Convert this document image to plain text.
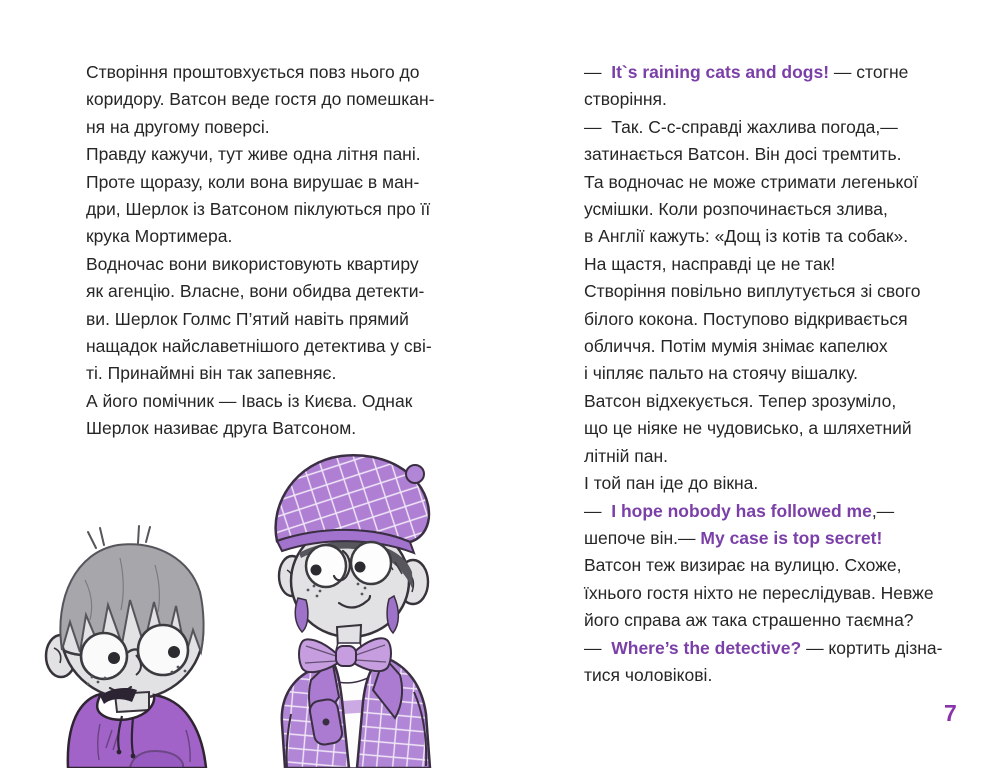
Створіння проштовхується повз нього до
коридору. Ватсон веде гостя до помешкан-
ня на другому поверсі.
Правду кажучи, тут живе одна літня пані.
Проте щоразу, коли вона вирушає в ман-
дри, Шерлок із Ватсоном піклуються про її
крука Мортимера.
Водночас вони використовують квартиру
як агенцію. Власне, вони обидва детекти-
ви. Шерлок Голмс П’ятий навіть прямий
нащадок найславетнішого детектива у сві-
ті. Принаймні він так запевняє.
А його помічник — Івась із Києва. Однак
Шерлок називає друга Ватсоном.
—  It`s raining cats and dogs! — стогне
створіння.
—  Так. С-с-справді жахлива погода,—
затинається Ватсон. Він досі тремтить.
Та водночас не може стримати легенької
усмішки. Коли розпочинається злива,
в Англії кажуть: «Дощ із котів та собак».
На щастя, насправді це не так!
Створіння повільно виплутується зі свого
білого кокона. Поступово відкривається
обличчя. Потім мумія знімає капелюх
і чіпляє пальто на стоячу вішалку.
Ватсон відхекується. Тепер зрозуміло,
що це ніяке не чудовисько, а шляхетний
літній пан.
І той пан іде до вікна.
—  I hope nobody has followed me,—
шепоче він.— My case is top secret!
Ватсон теж визирає на вулицю. Схоже,
їхнього гостя ніхто не переслідував. Невже
його справа аж така страшенно таємна?
—  Where’s the detective? — кортить дізна-
тися чоловікові.
7
